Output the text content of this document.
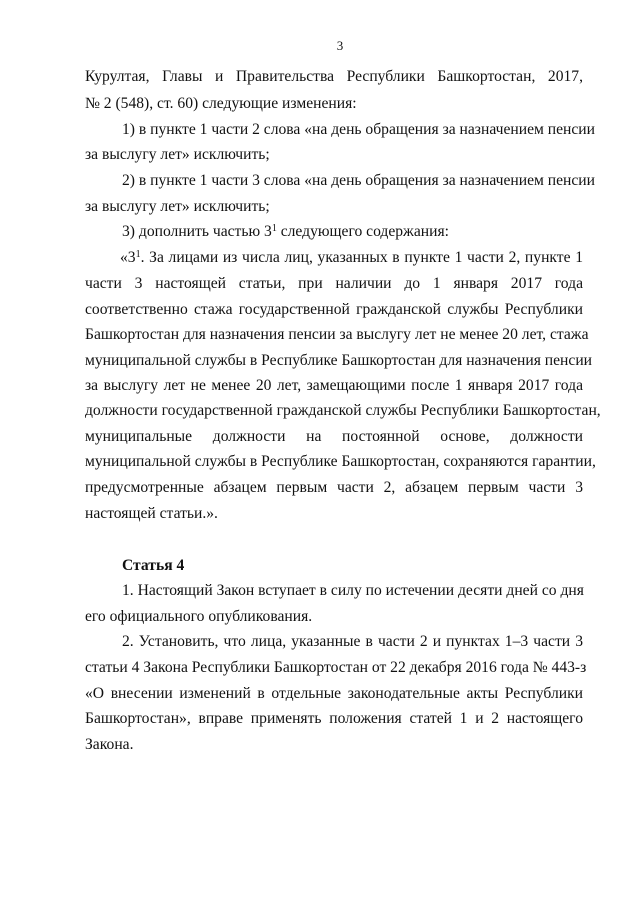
3
Курултая, Главы и Правительства Республики Башкортостан, 2017,
№ 2 (548), ст. 60) следующие изменения:
1) в пункте 1 части 2 слова «на день обращения за назначением пенсии
за выслугу лет» исключить;
2) в пункте 1 части 3 слова «на день обращения за назначением пенсии
за выслугу лет» исключить;
3) дополнить частью $3^1$ следующего содержания:
«$3^1$. За лицами из числа лиц, указанных в пункте 1 части 2, пункте 1
части 3 настоящей статьи, при наличии до 1 января 2017 года
соответственно стажа государственной гражданской службы Республики
Башкортостан для назначения пенсии за выслугу лет не менее 20 лет, стажа
муниципальной службы в Республике Башкортостан для назначения пенсии
за выслугу лет не менее 20 лет, замещающими после 1 января 2017 года
должности государственной гражданской службы Республики Башкортостан,
муниципальные должности на постоянной основе, должности
муниципальной службы в Республике Башкортостан, сохраняются гарантии,
предусмотренные абзацем первым части 2, абзацем первым части 3
настоящей статьи.».
Статья 4
1. Настоящий Закон вступает в силу по истечении десяти дней со дня
его официального опубликования.
2. Установить, что лица, указанные в части 2 и пунктах 1–3 части 3
статьи 4 Закона Республики Башкортостан от 22 декабря 2016 года № 443-з
«О внесении изменений в отдельные законодательные акты Республики
Башкортостан», вправе применять положения статей 1 и 2 настоящего
Закона.
